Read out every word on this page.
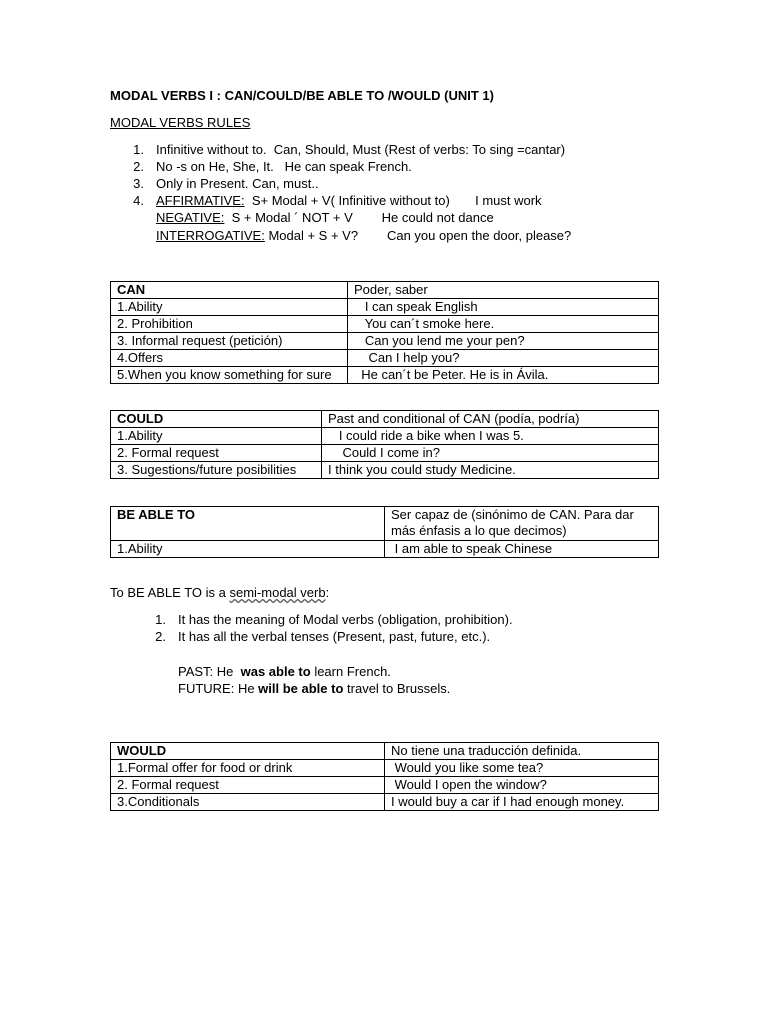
MODAL VERBS I : CAN/COULD/BE ABLE TO /WOULD (UNIT 1)
MODAL VERBS RULES
1. Infinitive without to.  Can, Should, Must (Rest of verbs: To sing =cantar)
2. No -s on He, She, It.   He can speak French.
3. Only in Present. Can, must..
4. AFFIRMATIVE:  S+ Modal + V( Infinitive without to)       I must work
NEGATIVE:  S + Modal ´ NOT + V        He could not dance
INTERROGATIVE: Modal + S + V?        Can you open the door, please?
CAN	Poder, saber
1.Ability	I can speak English
2. Prohibition	You can´t smoke here.
3. Informal request (petición)	Can you lend me your pen?
4.Offers	Can I help you?
5.When you know something for sure	He can´t be Peter. He is in Ávila.
COULD	Past and conditional of CAN (podía, podría)
1.Ability	I could ride a bike when I was 5.
2. Formal request	Could I come in?
3. Sugestions/future posibilities	I think you could study Medicine.
BE ABLE TO	Ser capaz de (sinónimo de CAN. Para dar más énfasis a lo que decimos)
1.Ability	I am able to speak Chinese
To BE ABLE TO is a semi-modal verb:
1. It has the meaning of Modal verbs (obligation, prohibition).
2. It has all the verbal tenses (Present, past, future, etc.).
PAST: He  was able to learn French.
FUTURE: He will be able to travel to Brussels.
WOULD	No tiene una traducción definida.
1.Formal offer for food or drink	Would you like some tea?
2. Formal request	Would I open the window?
3.Conditionals	I would buy a car if I had enough money.
